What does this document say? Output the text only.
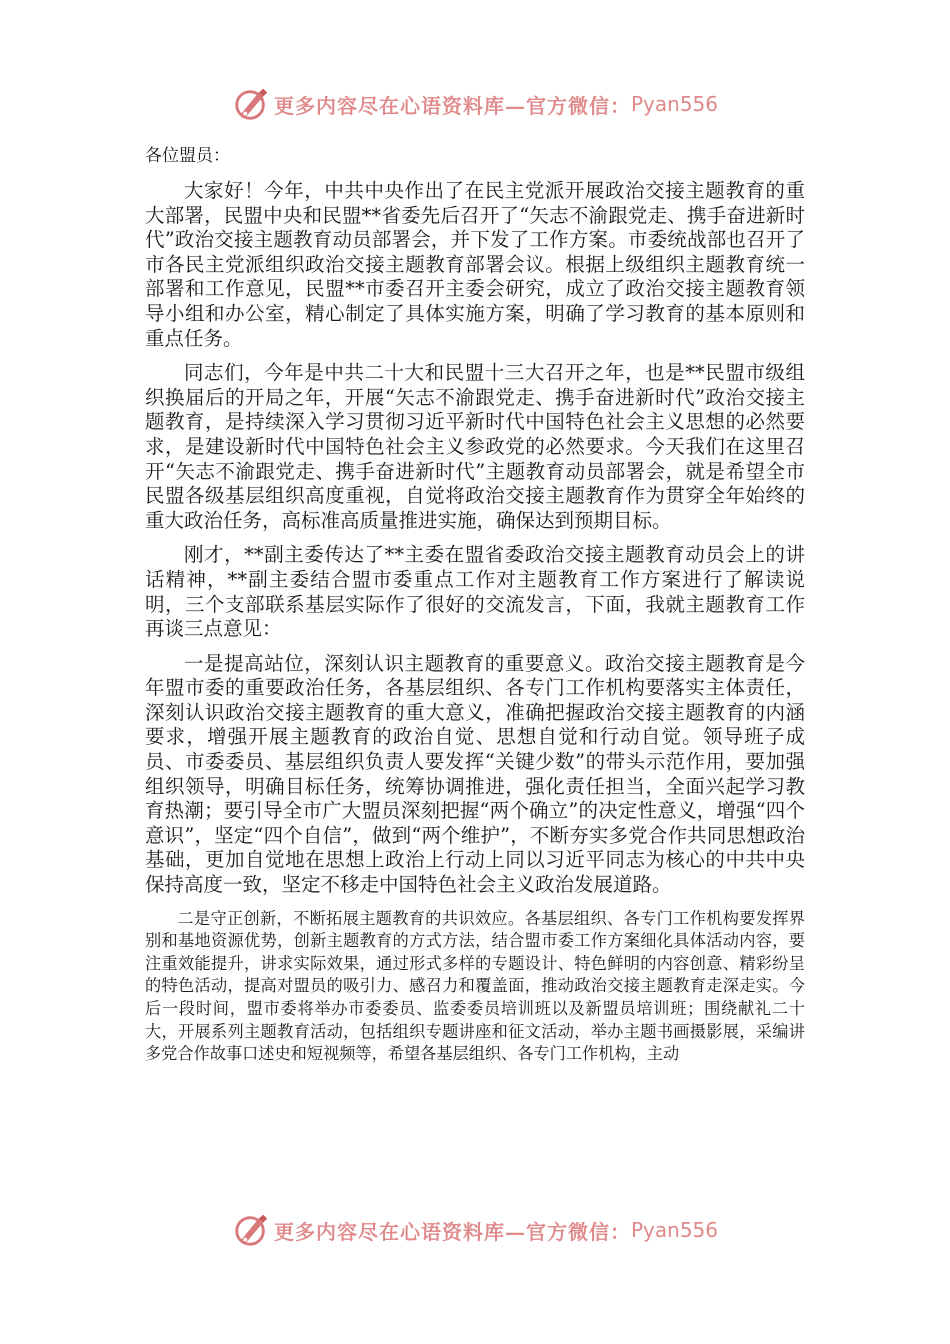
更多内容尽在心语资料库—官方微信： Pyan556
各位盟员：

大家好！今年，中共中央作出了在民主党派开展政治交接主题教育的重大部署，民盟中央和民盟**省委先后召开了“矢志不渝跟党走、携手奋进新时代”政治交接主题教育动员部署会，并下发了工作方案。市委统战部也召开了市各民主党派组织政治交接主题教育部署会议。根据上级组织主题教育统一部署和工作意见，民盟**市委召开主委会研究，成立了政治交接主题教育领导小组和办公室，精心制定了具体实施方案，明确了学习教育的基本原则和重点任务。

同志们，今年是中共二十大和民盟十三大召开之年，也是**民盟市级组织换届后的开局之年，开展“矢志不渝跟党走、携手奋进新时代”政治交接主题教育，是持续深入学习贯彻习近平新时代中国特色社会主义思想的必然要求，是建设新时代中国特色社会主义参政党的必然要求。今天我们在这里召开“矢志不渝跟党走、携手奋进新时代”主题教育动员部署会，就是希望全市民盟各级基层组织高度重视，自觉将政治交接主题教育作为贯穿全年始终的重大政治任务，高标准高质量推进实施，确保达到预期目标。

刚才，**副主委传达了**主委在盟省委政治交接主题教育动员会上的讲话精神，**副主委结合盟市委重点工作对主题教育工作方案进行了解读说明，三个支部联系基层实际作了很好的交流发言，下面，我就主题教育工作再谈三点意见：

一是提高站位，深刻认识主题教育的重要意义。政治交接主题教育是今年盟市委的重要政治任务，各基层组织、各专门工作机构要落实主体责任，深刻认识政治交接主题教育的重大意义，准确把握政治交接主题教育的内涵要求，增强开展主题教育的政治自觉、思想自觉和行动自觉。领导班子成员、市委委员、基层组织负责人要发挥“关键少数”的带头示范作用，要加强组织领导，明确目标任务，统筹协调推进，强化责任担当，全面兴起学习教育热潮；要引导全市广大盟员深刻把握“两个确立”的决定性意义，增强“四个意识”，坚定“四个自信”，做到“两个维护”，不断夯实多党合作共同思想政治基础，更加自觉地在思想上政治上行动上同以习近平同志为核心的中共中央保持高度一致，坚定不移走中国特色社会主义政治发展道路。

二是守正创新，不断拓展主题教育的共识效应。各基层组织、各专门工作机构要发挥界别和基地资源优势，创新主题教育的方式方法，结合盟市委工作方案细化具体活动内容，要注重效能提升，讲求实际效果，通过形式多样的专题设计、特色鲜明的内容创意、精彩纷呈的特色活动，提高对盟员的吸引力、感召力和覆盖面，推动政治交接主题教育走深走实。今后一段时间，盟市委将举办市委委员、监委委员培训班以及新盟员培训班；围绕献礼二十大，开展系列主题教育活动，包括组织专题讲座和征文活动，举办主题书画摄影展，采编讲多党合作故事口述史和短视频等，希望各基层组织、各专门工作机构，主动

更多内容尽在心语资料库—官方微信： Pyan556
